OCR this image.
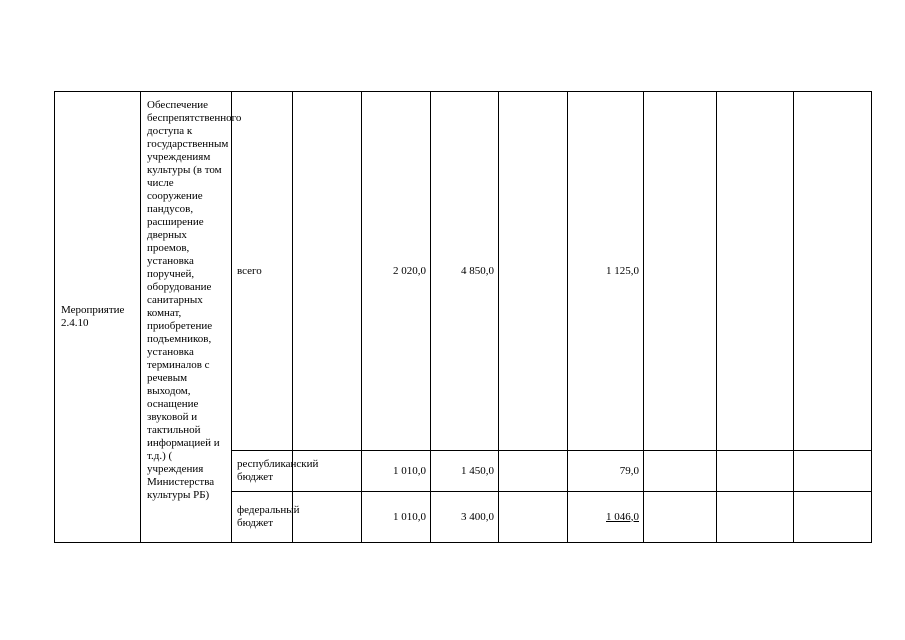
Мероприятие 2.4.10	Обеспечение беспрепятственного доступа к государственным учреждениям культуры (в том числе сооружение пандусов, расширение дверных проемов, установка поручней, оборудование санитарных комнат, приобретение подъемников, установка терминалов с речевым выходом, оснащение звуковой и тактильной информацией и т.д.) ( учреждения Министерства культуры РБ)	всего		2 020,0	4 850,0		1 125,0			
		республиканский бюджет		1 010,0	1 450,0		79,0			
		федеральный бюджет		1 010,0	3 400,0		1 046,0			
